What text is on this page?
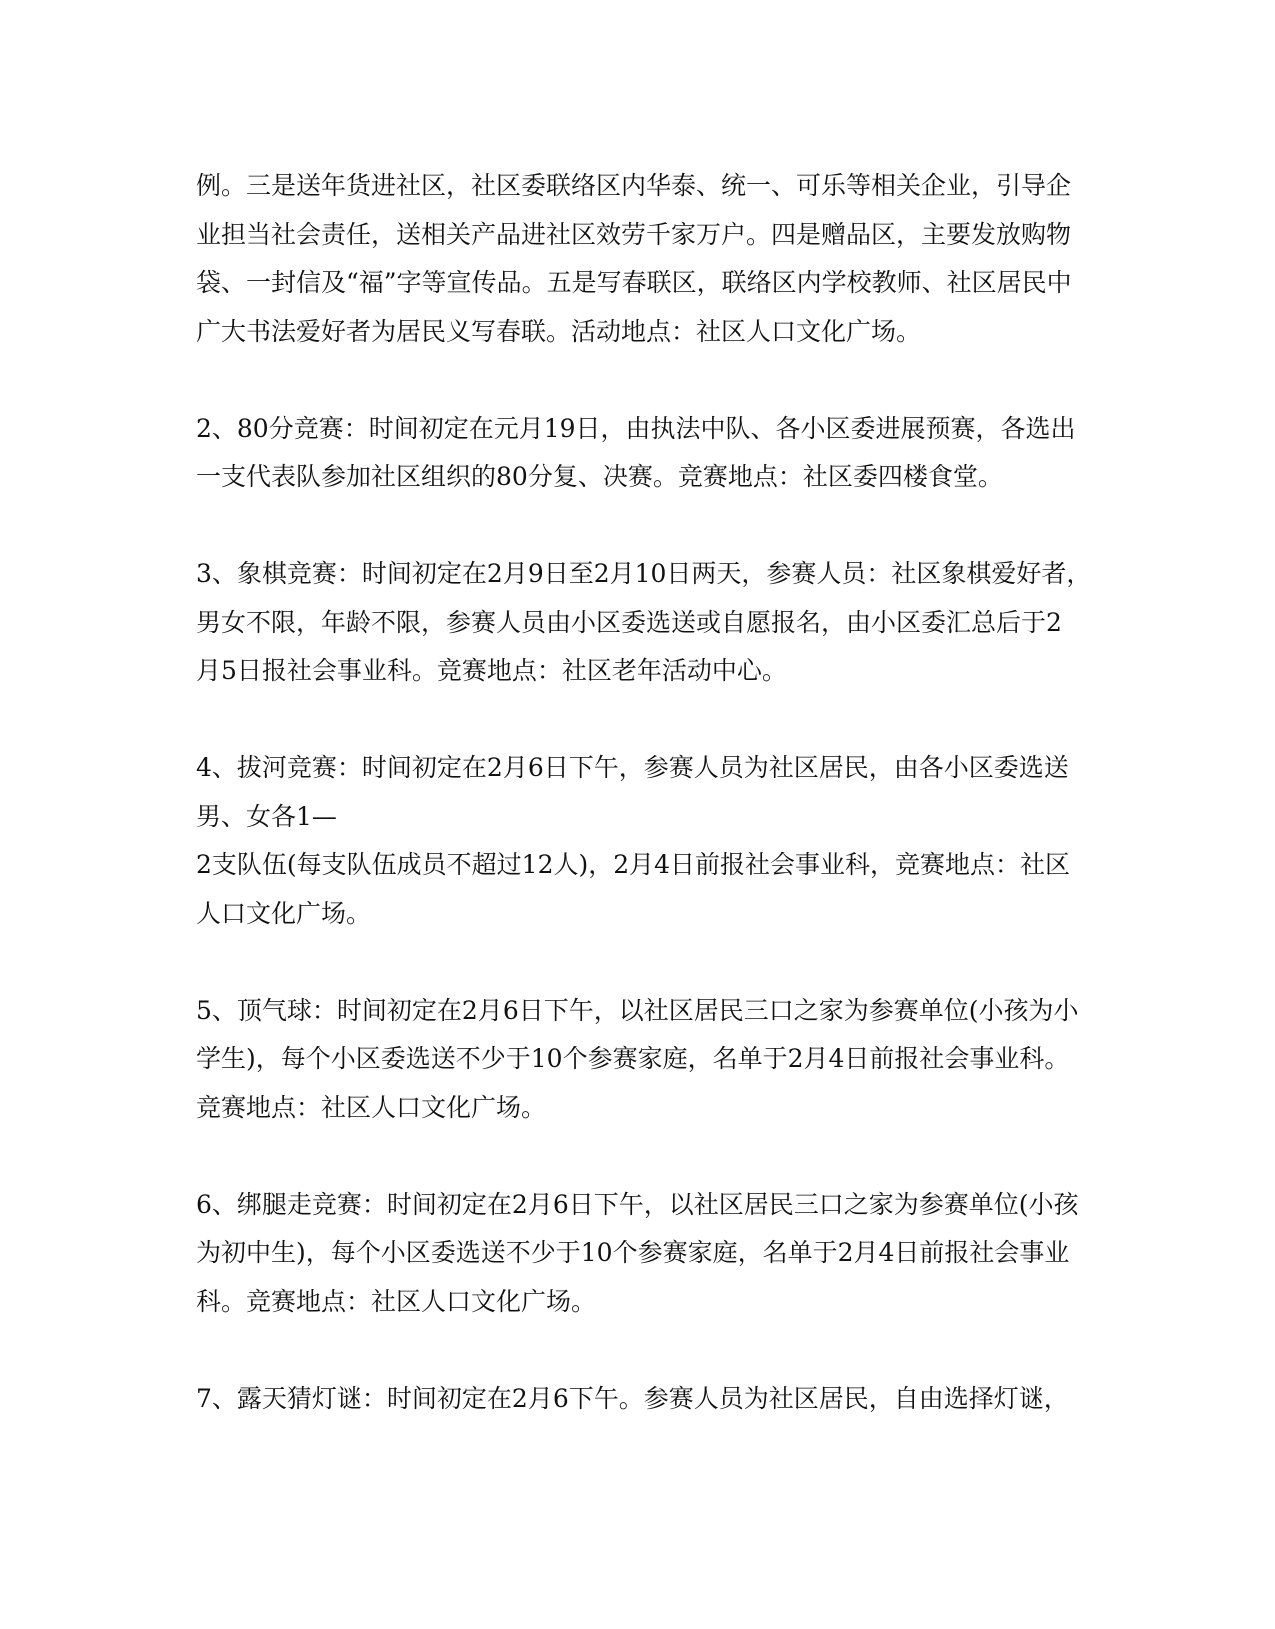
例。三是送年货进社区，社区委联络区内华泰、统一、可乐等相关企业，引导企
业担当社会责任，送相关产品进社区效劳千家万户。四是赠品区，主要发放购物
袋、一封信及“福”字等宣传品。五是写春联区，联络区内学校教师、社区居民中
广大书法爱好者为居民义写春联。活动地点：社区人口文化广场。

2、80分竞赛：时间初定在元月19日，由执法中队、各小区委进展预赛，各选出
一支代表队参加社区组织的80分复、决赛。竞赛地点：社区委四楼食堂。

3、象棋竞赛：时间初定在2月9日至2月10日两天，参赛人员：社区象棋爱好者，
男女不限，年龄不限，参赛人员由小区委选送或自愿报名，由小区委汇总后于2
月5日报社会事业科。竞赛地点：社区老年活动中心。

4、拔河竞赛：时间初定在2月6日下午，参赛人员为社区居民，由各小区委选送
男、女各1—
2支队伍(每支队伍成员不超过12人)，2月4日前报社会事业科，竞赛地点：社区
人口文化广场。

5、顶气球：时间初定在2月6日下午，以社区居民三口之家为参赛单位(小孩为小
学生)，每个小区委选送不少于10个参赛家庭，名单于2月4日前报社会事业科。
竞赛地点：社区人口文化广场。

6、绑腿走竞赛：时间初定在2月6日下午，以社区居民三口之家为参赛单位(小孩
为初中生)，每个小区委选送不少于10个参赛家庭，名单于2月4日前报社会事业
科。竞赛地点：社区人口文化广场。

7、露天猜灯谜：时间初定在2月6下午。参赛人员为社区居民，自由选择灯谜，
